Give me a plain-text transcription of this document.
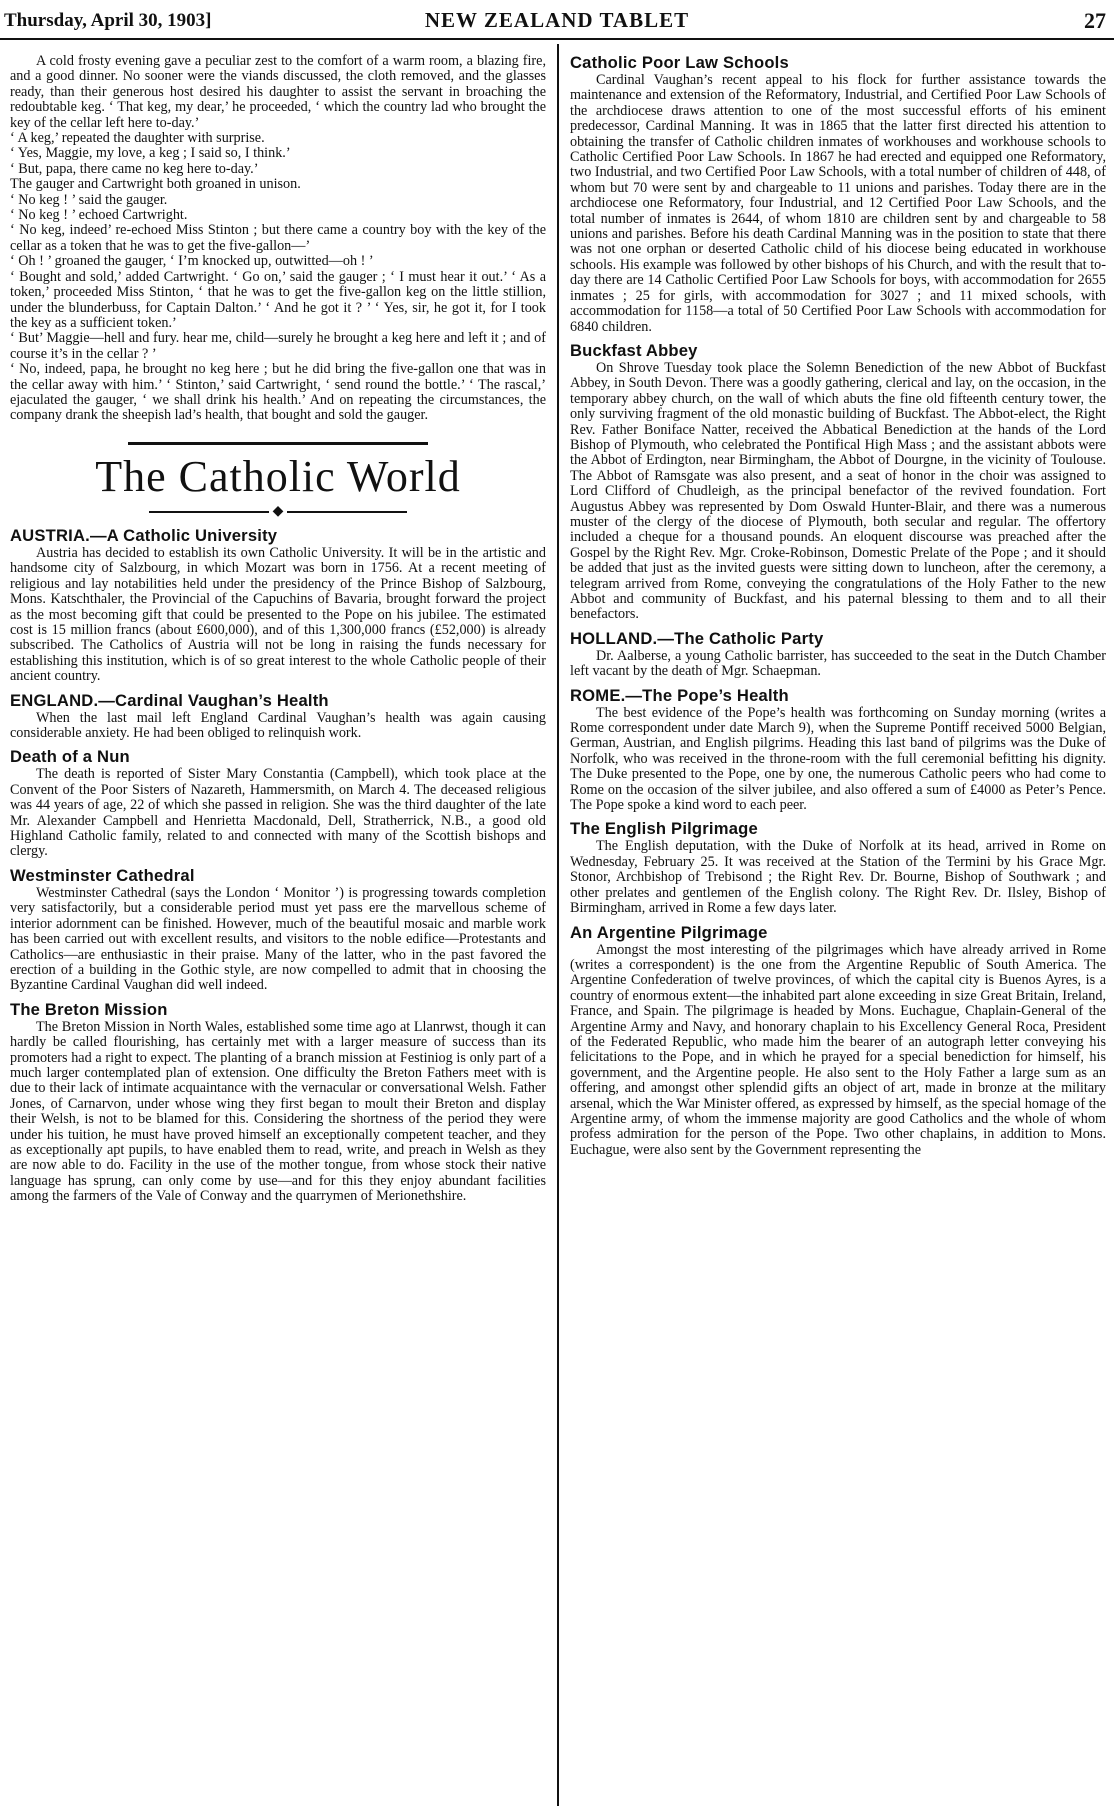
Thursday, April 30, 1903]	NEW ZEALAND TABLET	27

A cold frosty evening gave a peculiar zest to the comfort of a warm room, a blazing fire, and a good dinner. No sooner were the viands discussed, the cloth removed, and the glasses ready, than their generous host desired his daughter to assist the servant in broaching the redoubtable keg. ‘ That keg, my dear,’ he proceeded, ‘ which the country lad who brought the key of the cellar left here to-day.’

‘ A keg,’ repeated the daughter with surprise.

‘ Yes, Maggie, my love, a keg ; I said so, I think.’

‘ But, papa, there came no keg here to-day.’

The gauger and Cartwright both groaned in unison.

‘ No keg ! ’ said the gauger.

‘ No keg ! ’ echoed Cartwright.

‘ No keg, indeed’ re-echoed Miss Stinton ; but there came a country boy with the key of the cellar as a token that he was to get the five-gallon—’

‘ Oh ! ’ groaned the gauger, ‘ I’m knocked up, outwitted—oh ! ’

‘ Bought and sold,’ added Cartwright. ‘ Go on,’ said the gauger ; ‘ I must hear it out.’ ‘ As a token,’ proceeded Miss Stinton, ‘ that he was to get the five-gallon keg on the little stillion, under the blunderbuss, for Captain Dalton.’ ‘ And he got it ? ’ ‘ Yes, sir, he got it, for I took the key as a sufficient token.’

‘ But’ Maggie—hell and fury. hear me, child—surely he brought a keg here and left it ; and of course it’s in the cellar ? ’

‘ No, indeed, papa, he brought no keg here ; but he did bring the five-gallon one that was in the cellar away with him.’ ‘ Stinton,’ said Cartwright, ‘ send round the bottle.’ ‘ The rascal,’ ejaculated the gauger, ‘ we shall drink his health.’ And on repeating the circumstances, the company drank the sheepish lad’s health, that bought and sold the gauger.

The Catholic World
◆
AUSTRIA.—A Catholic University

Austria has decided to establish its own Catholic University. It will be in the artistic and handsome city of Salzbourg, in which Mozart was born in 1756. At a recent meeting of religious and lay notabilities held under the presidency of the Prince Bishop of Salzbourg, Mons. Katschthaler, the Provincial of the Capuchins of Bavaria, brought forward the project as the most becoming gift that could be presented to the Pope on his jubilee. The estimated cost is 15 million francs (about £600,000), and of this 1,300,000 francs (£52,000) is already subscribed. The Catholics of Austria will not be long in raising the funds necessary for establishing this institution, which is of so great interest to the whole Catholic people of their ancient country.

ENGLAND.—Cardinal Vaughan’s Health

When the last mail left England Cardinal Vaughan’s health was again causing considerable anxiety. He had been obliged to relinquish work.

Death of a Nun

The death is reported of Sister Mary Constantia (Campbell), which took place at the Convent of the Poor Sisters of Nazareth, Hammersmith, on March 4. The deceased religious was 44 years of age, 22 of which she passed in religion. She was the third daughter of the late Mr. Alexander Campbell and Henrietta Macdonald, Dell, Stratherrick, N.B., a good old Highland Catholic family, related to and connected with many of the Scottish bishops and clergy.

Westminster Cathedral

Westminster Cathedral (says the London ‘ Monitor ’) is progressing towards completion very satisfactorily, but a considerable period must yet pass ere the marvellous scheme of interior adornment can be finished. However, much of the beautiful mosaic and marble work has been carried out with excellent results, and visitors to the noble edifice—Protestants and Catholics—are enthusiastic in their praise. Many of the latter, who in the past favored the erection of a building in the Gothic style, are now compelled to admit that in choosing the Byzantine Cardinal Vaughan did well indeed.

The Breton Mission

The Breton Mission in North Wales, established some time ago at Llanrwst, though it can hardly be called flourishing, has certainly met with a larger measure of success than its promoters had a right to expect. The planting of a branch mission at Festiniog is only part of a much larger contemplated plan of extension. One difficulty the Breton Fathers meet with is due to their lack of intimate acquaintance with the vernacular or conversational Welsh. Father Jones, of Carnarvon, under whose wing they first began to moult their Breton and display their Welsh, is not to be blamed for this. Considering the shortness of the period they were under his tuition, he must have proved himself an exceptionally competent teacher, and they as exceptionally apt pupils, to have enabled them to read, write, and preach in Welsh as they are now able to do. Facility in the use of the mother tongue, from whose stock their native language has sprung, can only come by use—and for this they enjoy abundant facilities among the farmers of the Vale of Conway and the quarrymen of Merionethshire.

Catholic Poor Law Schools

Cardinal Vaughan’s recent appeal to his flock for further assistance towards the maintenance and extension of the Reformatory, Industrial, and Certified Poor Law Schools of the archdiocese draws attention to one of the most successful efforts of his eminent predecessor, Cardinal Manning. It was in 1865 that the latter first directed his attention to obtaining the transfer of Catholic children inmates of workhouses and workhouse schools to Catholic Certified Poor Law Schools. In 1867 he had erected and equipped one Reformatory, two Industrial, and two Certified Poor Law Schools, with a total number of children of 448, of whom but 70 were sent by and chargeable to 11 unions and parishes. Today there are in the archdiocese one Reformatory, four Industrial, and 12 Certified Poor Law Schools, and the total number of inmates is 2644, of whom 1810 are children sent by and chargeable to 58 unions and parishes. Before his death Cardinal Manning was in the position to state that there was not one orphan or deserted Catholic child of his diocese being educated in workhouse schools. His example was followed by other bishops of his Church, and with the result that to-day there are 14 Catholic Certified Poor Law Schools for boys, with accommodation for 2655 inmates ; 25 for girls, with accommodation for 3027 ; and 11 mixed schools, with accommodation for 1158—a total of 50 Certified Poor Law Schools with accommodation for 6840 children.

Buckfast Abbey

On Shrove Tuesday took place the Solemn Benediction of the new Abbot of Buckfast Abbey, in South Devon. There was a goodly gathering, clerical and lay, on the occasion, in the temporary abbey church, on the wall of which abuts the fine old fifteenth century tower, the only surviving fragment of the old monastic building of Buckfast. The Abbot-elect, the Right Rev. Father Boniface Natter, received the Abbatical Benediction at the hands of the Lord Bishop of Plymouth, who celebrated the Pontifical High Mass ; and the assistant abbots were the Abbot of Erdington, near Birmingham, the Abbot of Dourgne, in the vicinity of Toulouse. The Abbot of Ramsgate was also present, and a seat of honor in the choir was assigned to Lord Clifford of Chudleigh, as the principal benefactor of the revived foundation. Fort Augustus Abbey was represented by Dom Oswald Hunter-Blair, and there was a numerous muster of the clergy of the diocese of Plymouth, both secular and regular. The offertory included a cheque for a thousand pounds. An eloquent discourse was preached after the Gospel by the Right Rev. Mgr. Croke-Robinson, Domestic Prelate of the Pope ; and it should be added that just as the invited guests were sitting down to luncheon, after the ceremony, a telegram arrived from Rome, conveying the congratulations of the Holy Father to the new Abbot and community of Buckfast, and his paternal blessing to them and to all their benefactors.

HOLLAND.—The Catholic Party

Dr. Aalberse, a young Catholic barrister, has succeeded to the seat in the Dutch Chamber left vacant by the death of Mgr. Schaepman.

ROME.—The Pope’s Health

The best evidence of the Pope’s health was forthcoming on Sunday morning (writes a Rome correspondent under date March 9), when the Supreme Pontiff received 5000 Belgian, German, Austrian, and English pilgrims. Heading this last band of pilgrims was the Duke of Norfolk, who was received in the throne-room with the full ceremonial befitting his dignity. The Duke presented to the Pope, one by one, the numerous Catholic peers who had come to Rome on the occasion of the silver jubilee, and also offered a sum of £4000 as Peter’s Pence. The Pope spoke a kind word to each peer.

The English Pilgrimage

The English deputation, with the Duke of Norfolk at its head, arrived in Rome on Wednesday, February 25. It was received at the Station of the Termini by his Grace Mgr. Stonor, Archbishop of Trebisond ; the Right Rev. Dr. Bourne, Bishop of Southwark ; and other prelates and gentlemen of the English colony. The Right Rev. Dr. Ilsley, Bishop of Birmingham, arrived in Rome a few days later.

An Argentine Pilgrimage

Amongst the most interesting of the pilgrimages which have already arrived in Rome (writes a correspondent) is the one from the Argentine Republic of South America. The Argentine Confederation of twelve provinces, of which the capital city is Buenos Ayres, is a country of enormous extent—the inhabited part alone exceeding in size Great Britain, Ireland, France, and Spain. The pilgrimage is headed by Mons. Euchague, Chaplain-General of the Argentine Army and Navy, and honorary chaplain to his Excellency General Roca, President of the Federated Republic, who made him the bearer of an autograph letter conveying his felicitations to the Pope, and in which he prayed for a special benediction for himself, his government, and the Argentine people. He also sent to the Holy Father a large sum as an offering, and amongst other splendid gifts an object of art, made in bronze at the military arsenal, which the War Minister offered, as expressed by himself, as the special homage of the Argentine army, of whom the immense majority are good Catholics and the whole of whom profess admiration for the person of the Pope. Two other chaplains, in addition to Mons. Euchague, were also sent by the Government representing the
